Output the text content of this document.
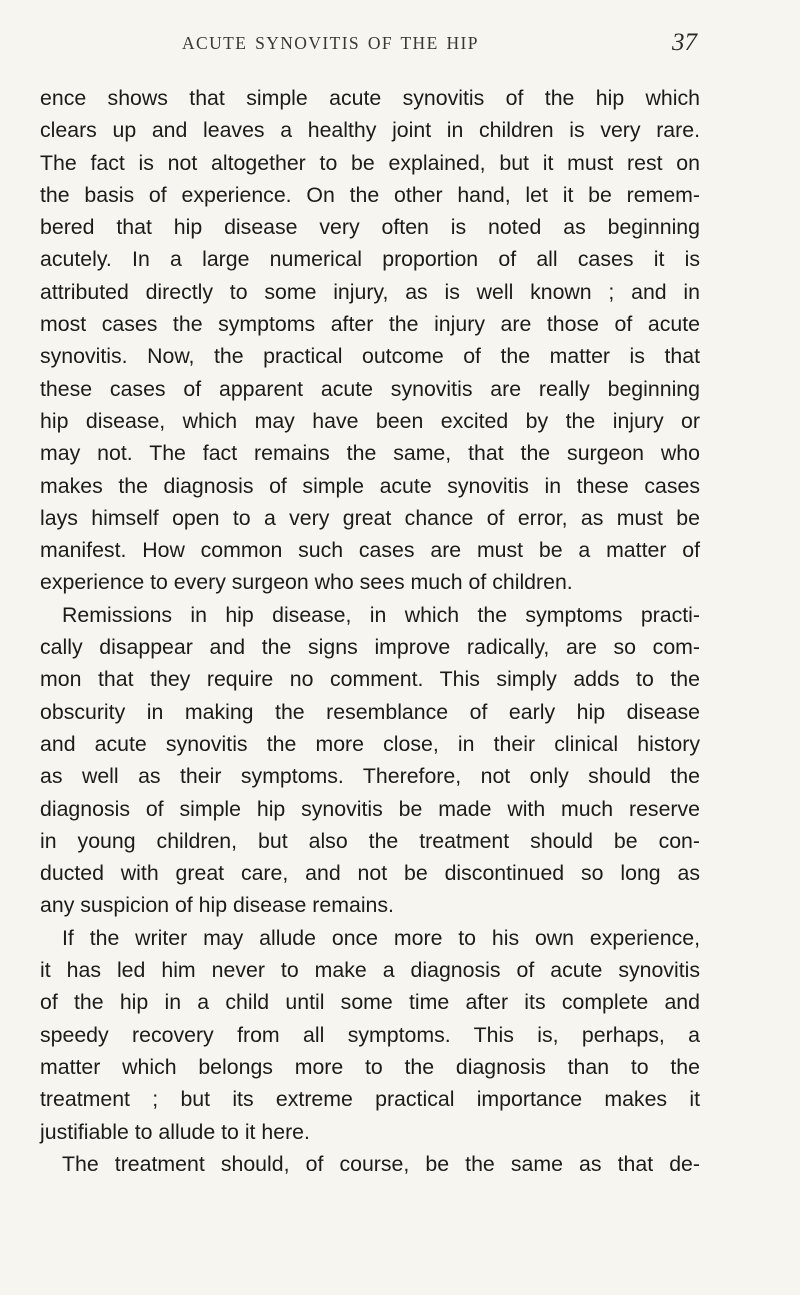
ACUTE SYNOVITIS OF THE HIP	37
ence shows that simple acute synovitis of the hip which
clears up and leaves a healthy joint in children is very rare.
The fact is not altogether to be explained, but it must rest on
the basis of experience. On the other hand, let it be remem-
bered that hip disease very often is noted as beginning
acutely. In a large numerical proportion of all cases it is
attributed directly to some injury, as is well known ; and in
most cases the symptoms after the injury are those of acute
synovitis. Now, the practical outcome of the matter is that
these cases of apparent acute synovitis are really beginning
hip disease, which may have been excited by the injury or
may not. The fact remains the same, that the surgeon who
makes the diagnosis of simple acute synovitis in these cases
lays himself open to a very great chance of error, as must be
manifest. How common such cases are must be a matter of
experience to every surgeon who sees much of children.
Remissions in hip disease, in which the symptoms practi-
cally disappear and the signs improve radically, are so com-
mon that they require no comment. This simply adds to the
obscurity in making the resemblance of early hip disease
and acute synovitis the more close, in their clinical history
as well as their symptoms. Therefore, not only should the
diagnosis of simple hip synovitis be made with much reserve
in young children, but also the treatment should be con-
ducted with great care, and not be discontinued so long as
any suspicion of hip disease remains.
If the writer may allude once more to his own experience,
it has led him never to make a diagnosis of acute synovitis
of the hip in a child until some time after its complete and
speedy recovery from all symptoms. This is, perhaps, a
matter which belongs more to the diagnosis than to the
treatment ; but its extreme practical importance makes it
justifiable to allude to it here.
The treatment should, of course, be the same as that de-
